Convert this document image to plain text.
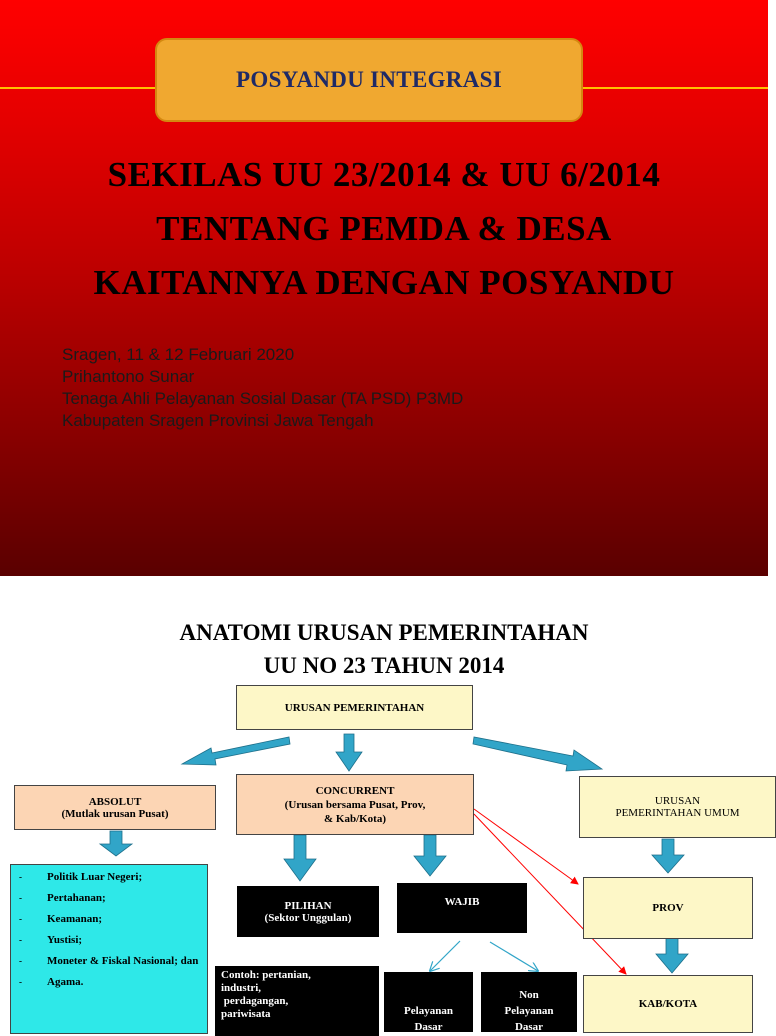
POSYANDU INTEGRASI
SEKILAS UU 23/2014 & UU 6/2014
TENTANG PEMDA & DESA
KAITANNYA DENGAN POSYANDU
Sragen, 11 & 12 Februari 2020
Prihantono Sunar
Tenaga Ahli Pelayanan Sosial Dasar (TA PSD) P3MD
Kabupaten Sragen Provinsi Jawa Tengah
ANATOMI URUSAN PEMERINTAHAN
UU NO 23 TAHUN 2014
URUSAN PEMERINTAHAN
ABSOLUT
(Mutlak urusan Pusat)
CONCURRENT
(Urusan bersama Pusat, Prov,
& Kab/Kota)
URUSAN
PEMERINTAHAN UMUM
-	Politik Luar Negeri;
-	Pertahanan;
-	Keamanan;
-	Yustisi;
-	Moneter & Fiskal Nasional; dan
-	Agama.
PILIHAN
(Sektor Unggulan)
WAJIB	PROV
Contoh: pertanian,
industri,
perdagangan,
pariwisata	Pelayanan
Dasar
Non
Pelayanan
Dasar
KAB/KOTA
